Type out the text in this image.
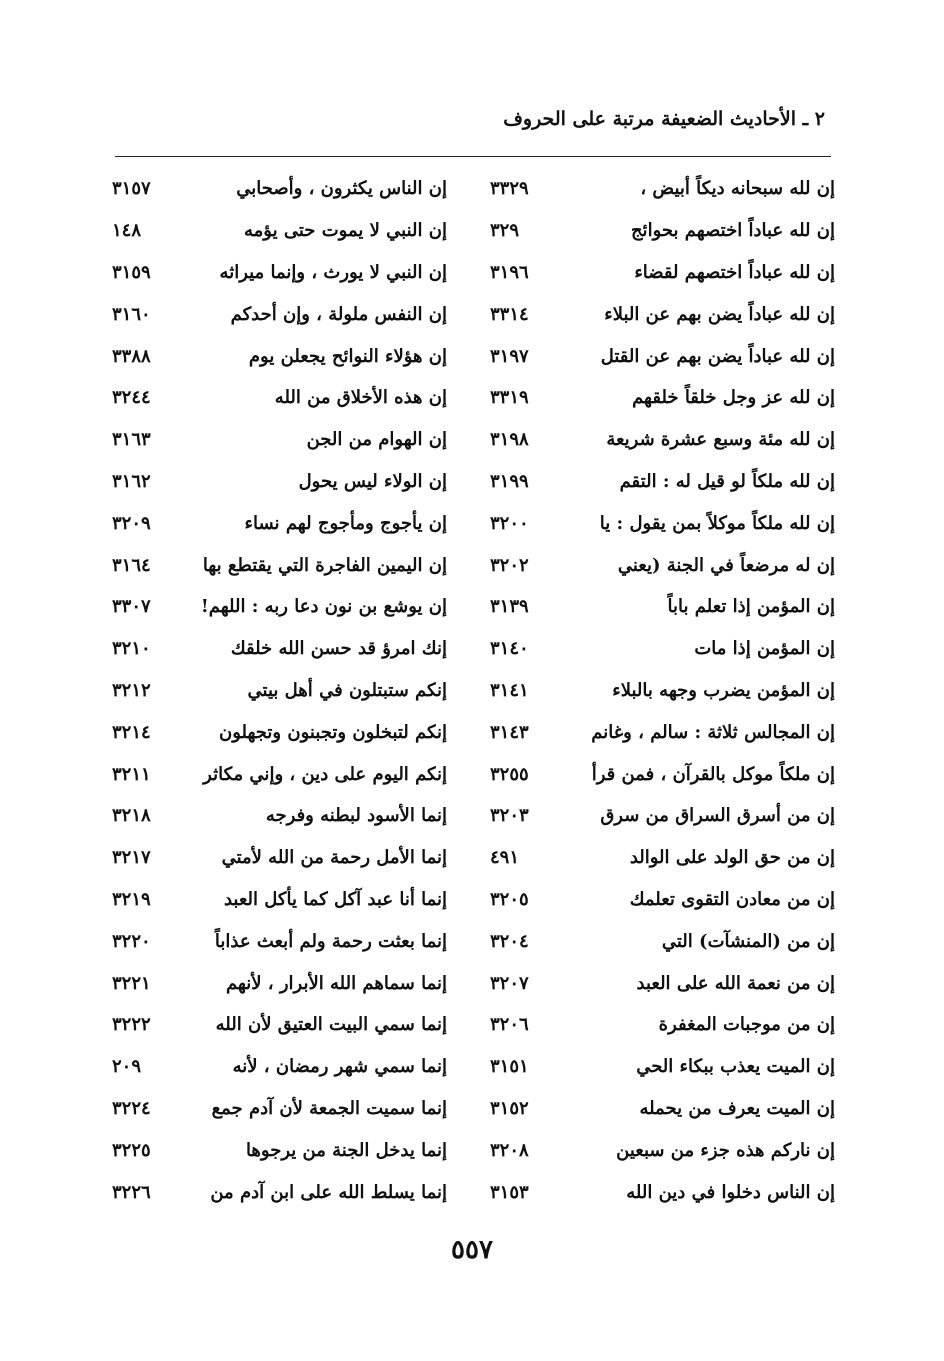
٢ ـ الأحاديث الضعيفة مرتبة على الحروف
إن لله سبحانه ديكاً أبيض ،
٣٣٢٩
إن لله عباداً اختصهم بحوائج
٣٢٩
إن لله عباداً اختصهم لقضاء
٣١٩٦
إن لله عباداً يضن بهم عن البلاء
٣٣١٤
إن لله عباداً يضن بهم عن القتل
٣١٩٧
إن لله عز وجل خلقاً خلقهم
٣٣١٩
إن لله مئة وسبع عشرة شريعة
٣١٩٨
إن لله ملكاً لو قيل له : التقم
٣١٩٩
إن لله ملكاً موكلاً بمن يقول : يا
٣٢٠٠
إن له مرضعاً في الجنة (يعني
٣٢٠٢
إن المؤمن إذا تعلم باباً
٣١٣٩
إن المؤمن إذا مات
٣١٤٠
إن المؤمن يضرب وجهه بالبلاء
٣١٤١
إن المجالس ثلاثة : سالم ، وغانم
٣١٤٣
إن ملكاً موكل بالقرآن ، فمن قرأ
٣٢٥٥
إن من أسرق السراق من سرق
٣٢٠٣
إن من حق الولد على الوالد
٤٩١
إن من معادن التقوى تعلمك
٣٢٠٥
إن من (المنشآت) التي
٣٢٠٤
إن من نعمة الله على العبد
٣٢٠٧
إن من موجبات المغفرة
٣٢٠٦
إن الميت يعذب ببكاء الحي
٣١٥١
إن الميت يعرف من يحمله
٣١٥٢
إن ناركم هذه جزء من سبعين
٣٢٠٨
إن الناس دخلوا في دين الله
٣١٥٣
إن الناس يكثرون ، وأصحابي
٣١٥٧
إن النبي لا يموت حتى يؤمه
١٤٨
إن النبي لا يورث ، وإنما ميراثه
٣١٥٩
إن النفس ملولة ، وإن أحدكم
٣١٦٠
إن هؤلاء النوائح يجعلن يوم
٣٣٨٨
إن هذه الأخلاق من الله
٣٢٤٤
إن الهوام من الجن
٣١٦٣
إن الولاء ليس يحول
٣١٦٢
إن يأجوج ومأجوج لهم نساء
٣٢٠٩
إن اليمين الفاجرة التي يقتطع بها
٣١٦٤
إن يوشع بن نون دعا ربه : اللهم!
٣٣٠٧
إنك امرؤ قد حسن الله خلقك
٣٢١٠
إنكم ستبتلون في أهل بيتي
٣٢١٢
إنكم لتبخلون وتجبنون وتجهلون
٣٢١٤
إنكم اليوم على دين ، وإني مكاثر
٣٢١١
إنما الأسود لبطنه وفرجه
٣٢١٨
إنما الأمل رحمة من الله لأمتي
٣٢١٧
إنما أنا عبد آكل كما يأكل العبد
٣٢١٩
إنما بعثت رحمة ولم أبعث عذاباً
٣٢٢٠
إنما سماهم الله الأبرار ، لأنهم
٣٢٢١
إنما سمي البيت العتيق لأن الله
٣٢٢٢
إنما سمي شهر رمضان ، لأنه
٢٠٩
إنما سميت الجمعة لأن آدم جمع
٣٢٢٤
إنما يدخل الجنة من يرجوها
٣٢٢٥
إنما يسلط الله على ابن آدم من
٣٢٢٦
٥٥٧
